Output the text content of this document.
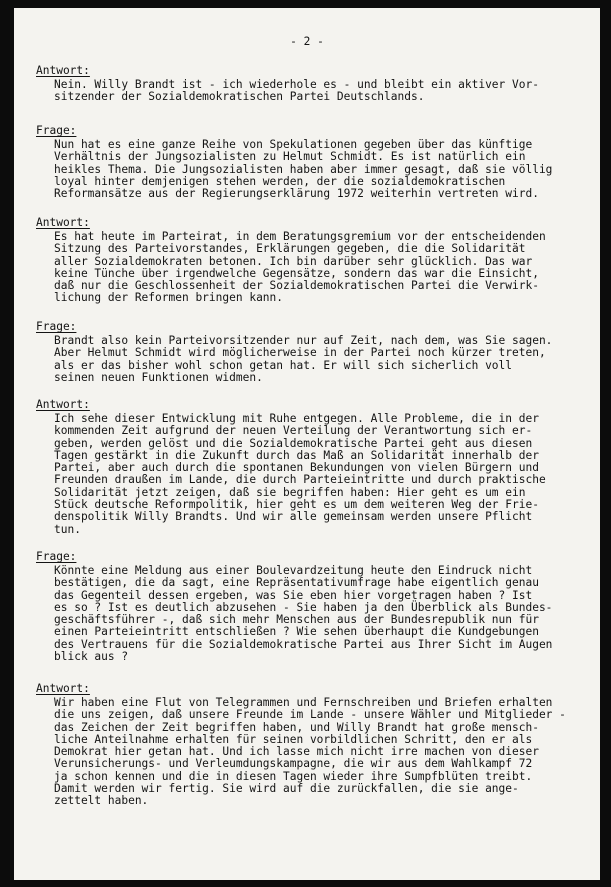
- 2 -
Antwort:
Nein. Willy Brandt ist - ich wiederhole es - und bleibt ein aktiver Vor-
sitzender der Sozialdemokratischen Partei Deutschlands.
Frage:
Nun hat es eine ganze Reihe von Spekulationen gegeben über das künftige
Verhältnis der Jungsozialisten zu Helmut Schmidt. Es ist natürlich ein
heikles Thema. Die Jungsozialisten haben aber immer gesagt, daß sie völlig
loyal hinter demjenigen stehen werden, der die sozialdemokratischen
Reformansätze aus der Regierungserklärung 1972 weiterhin vertreten wird.
Antwort:
Es hat heute im Parteirat, in dem Beratungsgremium vor der entscheidenden
Sitzung des Parteivorstandes, Erklärungen gegeben, die die Solidarität
aller Sozialdemokraten betonen. Ich bin darüber sehr glücklich. Das war
keine Tünche über irgendwelche Gegensätze, sondern das war die Einsicht,
daß nur die Geschlossenheit der Sozialdemokratischen Partei die Verwirk-
lichung der Reformen bringen kann.
Frage:
Brandt also kein Parteivorsitzender nur auf Zeit, nach dem, was Sie sagen.
Aber Helmut Schmidt wird möglicherweise in der Partei noch kürzer treten,
als er das bisher wohl schon getan hat. Er will sich sicherlich voll
seinen neuen Funktionen widmen.
Antwort:
Ich sehe dieser Entwicklung mit Ruhe entgegen. Alle Probleme, die in der
kommenden Zeit aufgrund der neuen Verteilung der Verantwortung sich er-
geben, werden gelöst und die Sozialdemokratische Partei geht aus diesen
Tagen gestärkt in die Zukunft durch das Maß an Solidarität innerhalb der
Partei, aber auch durch die spontanen Bekundungen von vielen Bürgern und
Freunden draußen im Lande, die durch Parteieintritte und durch praktische
Solidarität jetzt zeigen, daß sie begriffen haben: Hier geht es um ein
Stück deutsche Reformpolitik, hier geht es um dem weiteren Weg der Frie-
denspolitik Willy Brandts. Und wir alle gemeinsam werden unsere Pflicht
tun.
Frage:
Könnte eine Meldung aus einer Boulevardzeitung heute den Eindruck nicht
bestätigen, die da sagt, eine Repräsentativumfrage habe eigentlich genau
das Gegenteil dessen ergeben, was Sie eben hier vorgetragen haben ? Ist
es so ? Ist es deutlich abzusehen - Sie haben ja den Überblick als Bundes-
geschäftsführer -, daß sich mehr Menschen aus der Bundesrepublik nun für
einen Parteieintritt entschließen ? Wie sehen überhaupt die Kundgebungen
des Vertrauens für die Sozialdemokratische Partei aus Ihrer Sicht im Augen
blick aus ?
Antwort:
Wir haben eine Flut von Telegrammen und Fernschreiben und Briefen erhalten
die uns zeigen, daß unsere Freunde im Lande - unsere Wähler und Mitglieder -
das Zeichen der Zeit begriffen haben, und Willy Brandt hat große mensch-
liche Anteilnahme erhalten für seinen vorbildlichen Schritt, den er als
Demokrat hier getan hat. Und ich lasse mich nicht irre machen von dieser
Verunsicherungs- und Verleumdungskampagne, die wir aus dem Wahlkampf 72
ja schon kennen und die in diesen Tagen wieder ihre Sumpfblüten treibt.
Damit werden wir fertig. Sie wird auf die zurückfallen, die sie ange-
zettelt haben.
